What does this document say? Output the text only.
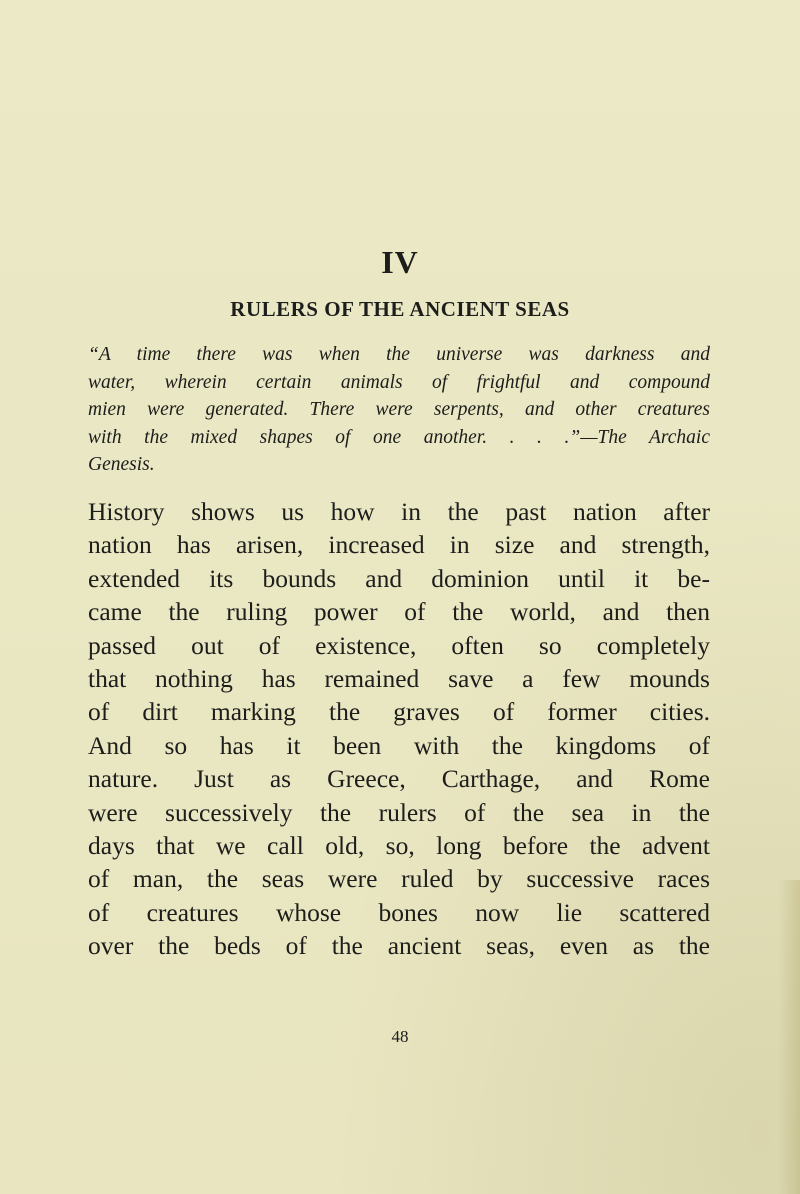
IV
RULERS OF THE ANCIENT SEAS
“A time there was when the universe was darkness and
water, wherein certain animals of frightful and compound
mien were generated. There were serpents, and other creatures
with the mixed shapes of one another. . . .”—The Archaic
Genesis.
History shows us how in the past nation after
nation has arisen, increased in size and strength,
extended its bounds and dominion until it be-
came the ruling power of the world, and then
passed out of existence, often so completely
that nothing has remained save a few mounds
of dirt marking the graves of former cities.
And so has it been with the kingdoms of
nature. Just as Greece, Carthage, and Rome
were successively the rulers of the sea in the
days that we call old, so, long before the advent
of man, the seas were ruled by successive races
of creatures whose bones now lie scattered
over the beds of the ancient seas, even as the
48
